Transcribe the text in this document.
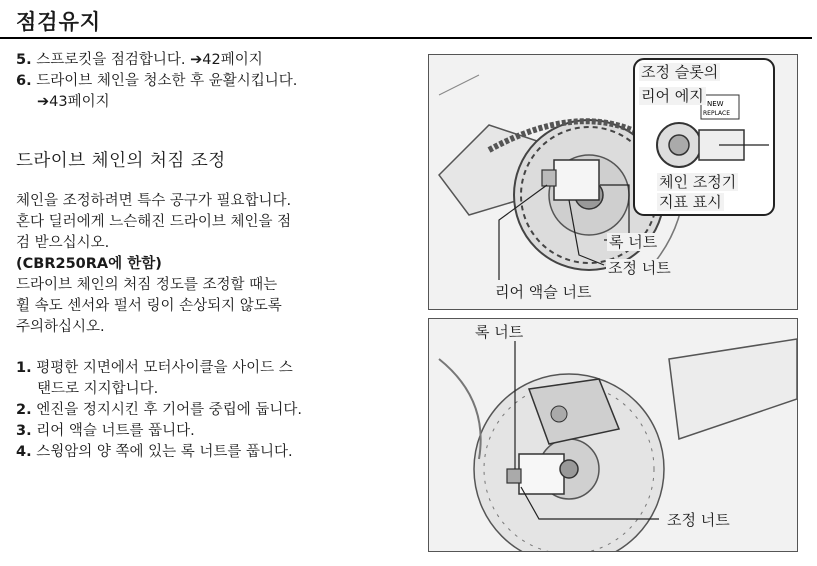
점검유지
5. 스프로킷을 점검합니다. ➔42페이지
6. 드라이브 체인을 청소한 후 윤활시킵니다.
➔43페이지
드라이브 체인의 처짐 조정
체인을 조정하려면 특수 공구가 필요합니다.
혼다 딜러에게 느슨해진 드라이브 체인을 점
검 받으십시오.
(CBR250RA에 한함)
드라이브 체인의 처짐 정도를 조정할 때는
휠 속도 센서와 펄서 링이 손상되지 않도록
주의하십시오.
1. 평평한 지면에서 모터사이클을 사이드 스
탠드로 지지합니다.
2. 엔진을 정지시킨 후 기어를 중립에 둡니다.
3. 리어 액슬 너트를 풉니다.
4. 스윙암의 양 쪽에 있는 록 너트를 풉니다.
NEW
REPLACE
조정 슬롯의
리어 에지
체인 조정기
지표 표시
록 너트
조정 너트
리어 액슬 너트
록 너트
조정 너트
